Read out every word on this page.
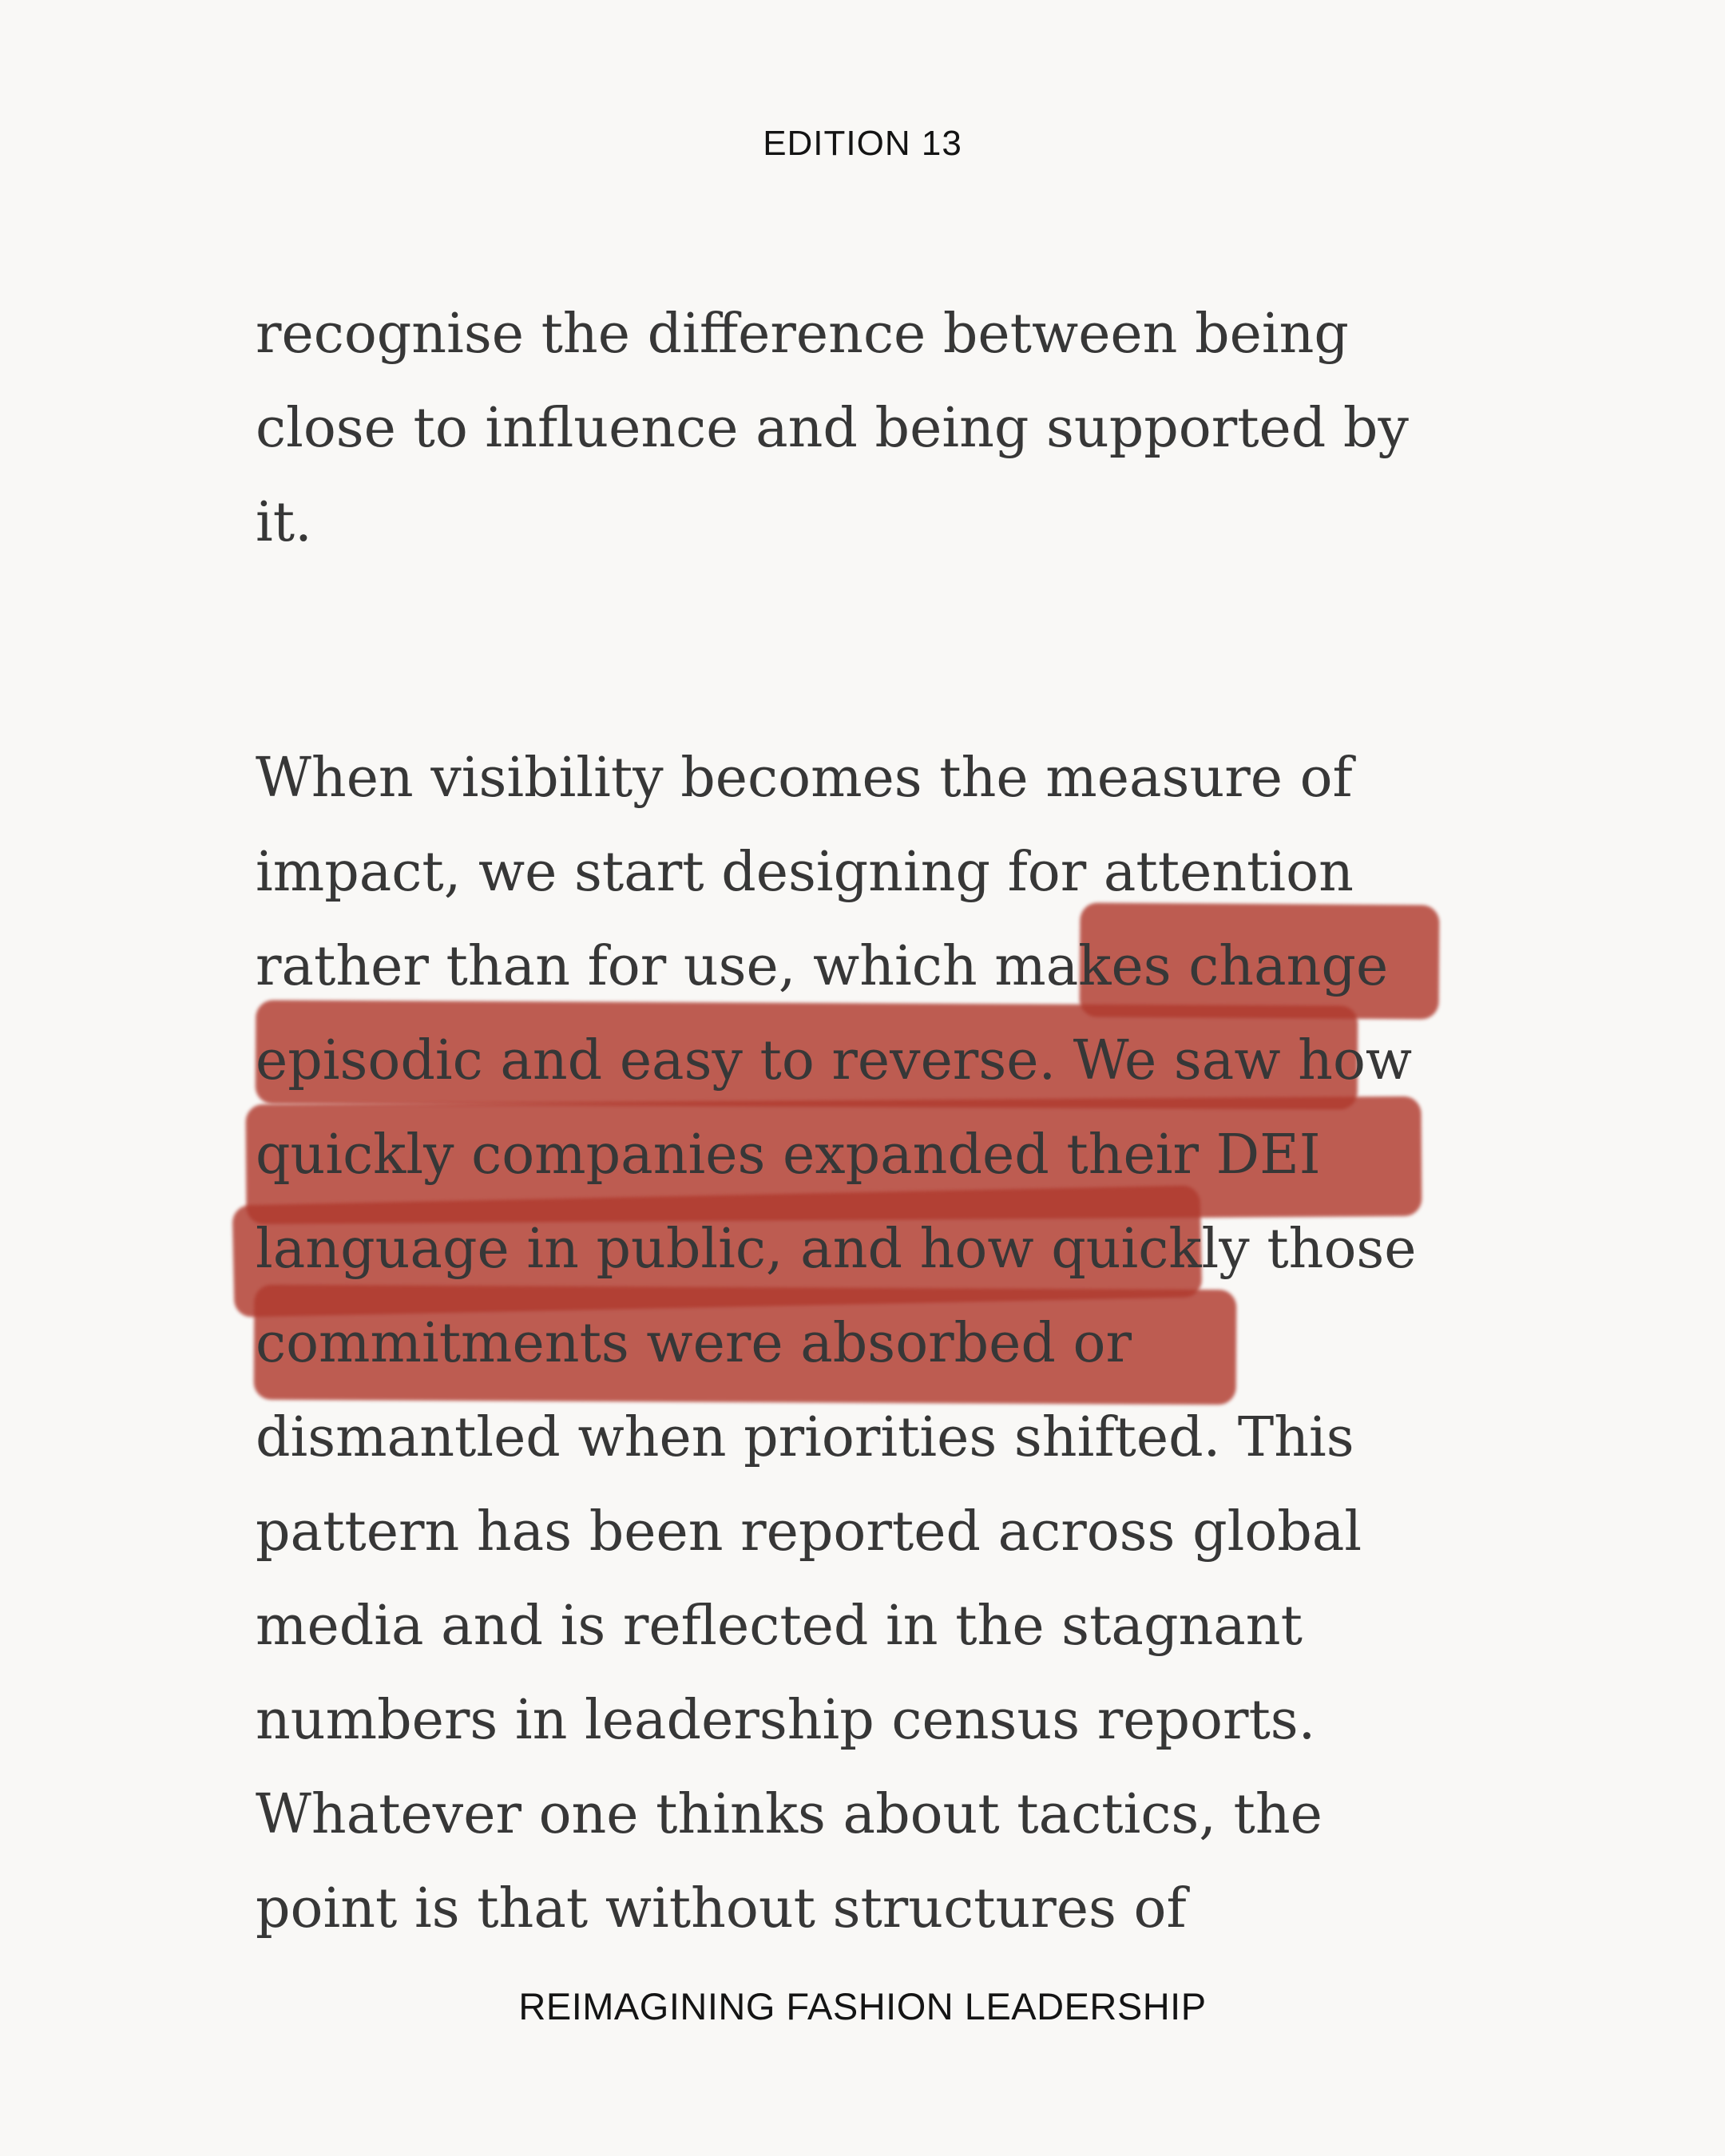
EDITION 13
recognise the difference between being
close to influence and being supported by
it.
When visibility becomes the measure of
impact, we start designing for attention
rather than for use, which makes change
episodic and easy to reverse. We saw how
quickly companies expanded their DEI
language in public, and how quickly those
commitments were absorbed or
dismantled when priorities shifted. This
pattern has been reported across global
media and is reflected in the stagnant
numbers in leadership census reports.
Whatever one thinks about tactics, the
point is that without structures of
REIMAGINING FASHION LEADERSHIP
